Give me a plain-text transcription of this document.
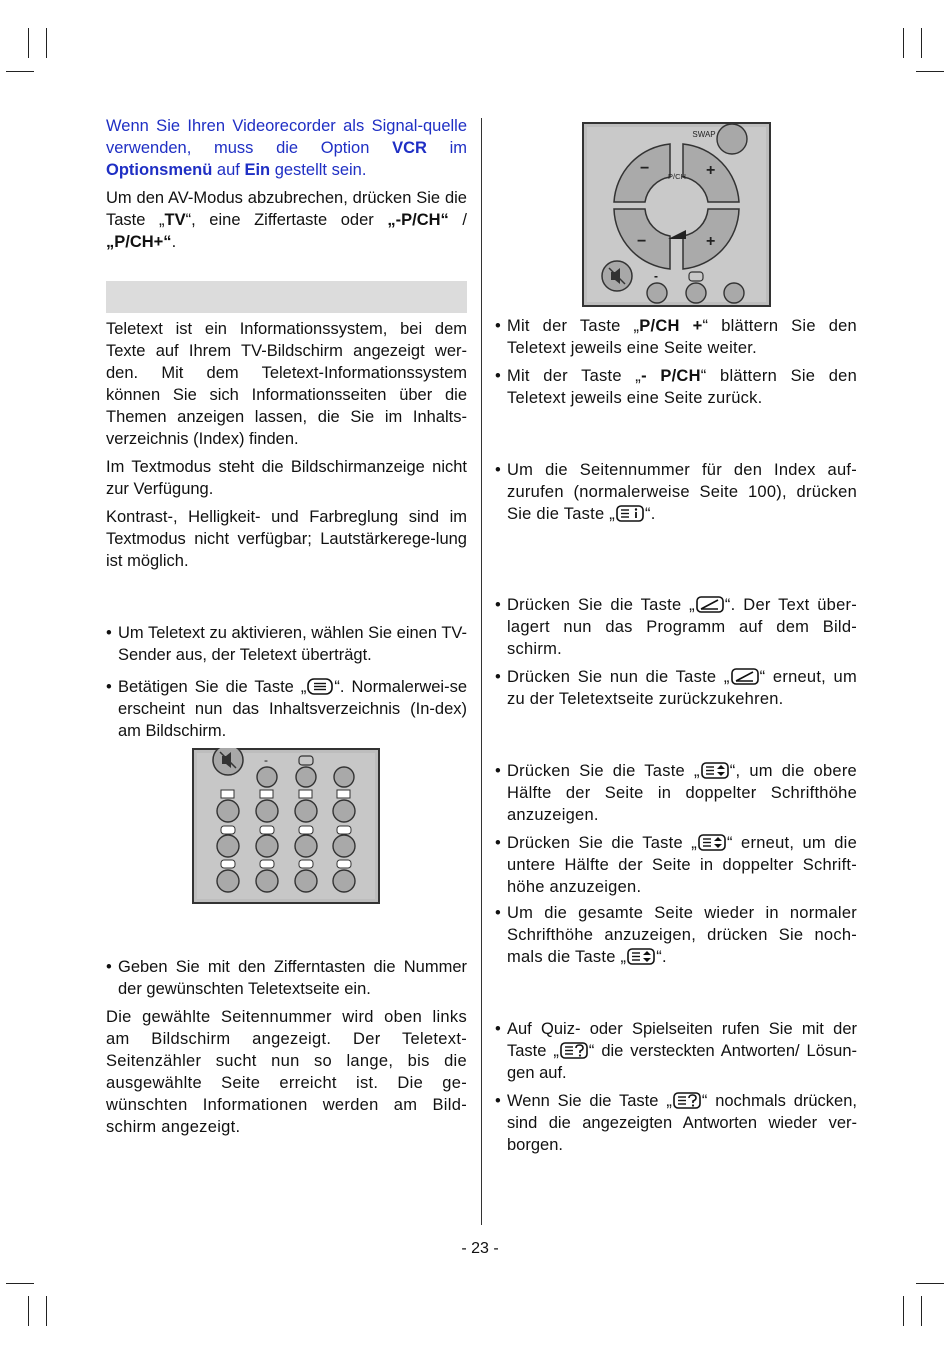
Wenn Sie Ihren Videorecorder als Signal-quelle verwenden, muss die Option VCR im Optionsmenü auf Ein gestellt sein.

Um den AV-Modus abzubrechen, drücken Sie die Taste „TV“, eine Ziffertaste oder „-P/CH“ / „P/CH+“.

Teletext ist ein Informationssystem, bei dem Texte auf Ihrem TV-Bildschirm angezeigt wer-den. Mit dem Teletext-Informationssystem können Sie sich Informationsseiten über die Themen anzeigen lassen, die Sie im Inhalts-verzeichnis (Index) finden.

Im Textmodus steht die Bildschirmanzeige nicht zur Verfügung.

Kontrast-, Helligkeit- und Farbreglung sind im Textmodus nicht verfügbar; Lautstärkerege-lung ist möglich.

• Um Teletext zu aktivieren, wählen Sie einen TV-Sender aus, der Teletext überträgt.

• Betätigen Sie die Taste „ “. Normalerwei-se erscheint nun das Inhaltsverzeichnis (In-dex) am Bildschirm.

-

• Geben Sie mit den Zifferntasten die Nummer der gewünschten Teletextseite ein.

Die gewählte Seitennummer wird oben links am Bildschirm angezeigt. Der Teletext-Seitenzähler sucht nun so lange, bis die ausgewählte Seite erreicht ist. Die ge-wünschten Informationen werden am Bild-schirm angezeigt.

SWAP
−	+
P/CH
−	+
-

• Mit der Taste „P/CH +“ blättern Sie den Teletext jeweils eine Seite weiter.

• Mit der Taste „- P/CH“ blättern Sie den Teletext jeweils eine Seite zurück.

• Um die Seitennummer für den Index auf-zurufen (normalerweise Seite 100), drücken Sie die Taste „ “.

• Drücken Sie die Taste „ “. Der Text über-lagert nun das Programm auf dem Bild-schirm.

• Drücken Sie nun die Taste „ “ erneut, um zu der Teletextseite zurückzukehren.

• Drücken Sie die Taste „ “, um die obere Hälfte der Seite in doppelter Schrifthöhe anzuzeigen.

• Drücken Sie die Taste „ “ erneut, um die untere Hälfte der Seite in doppelter Schrift-höhe anzuzeigen.

• Um die gesamte Seite wieder in normaler Schrifthöhe anzuzeigen, drücken Sie noch-mals die Taste „ “.

• Auf Quiz- oder Spielseiten rufen Sie mit der Taste „ “ die versteckten Antworten/ Lösun-gen auf.

• Wenn Sie die Taste „ “ nochmals drücken, sind die angezeigten Antworten wieder ver-borgen.

- 23 -
